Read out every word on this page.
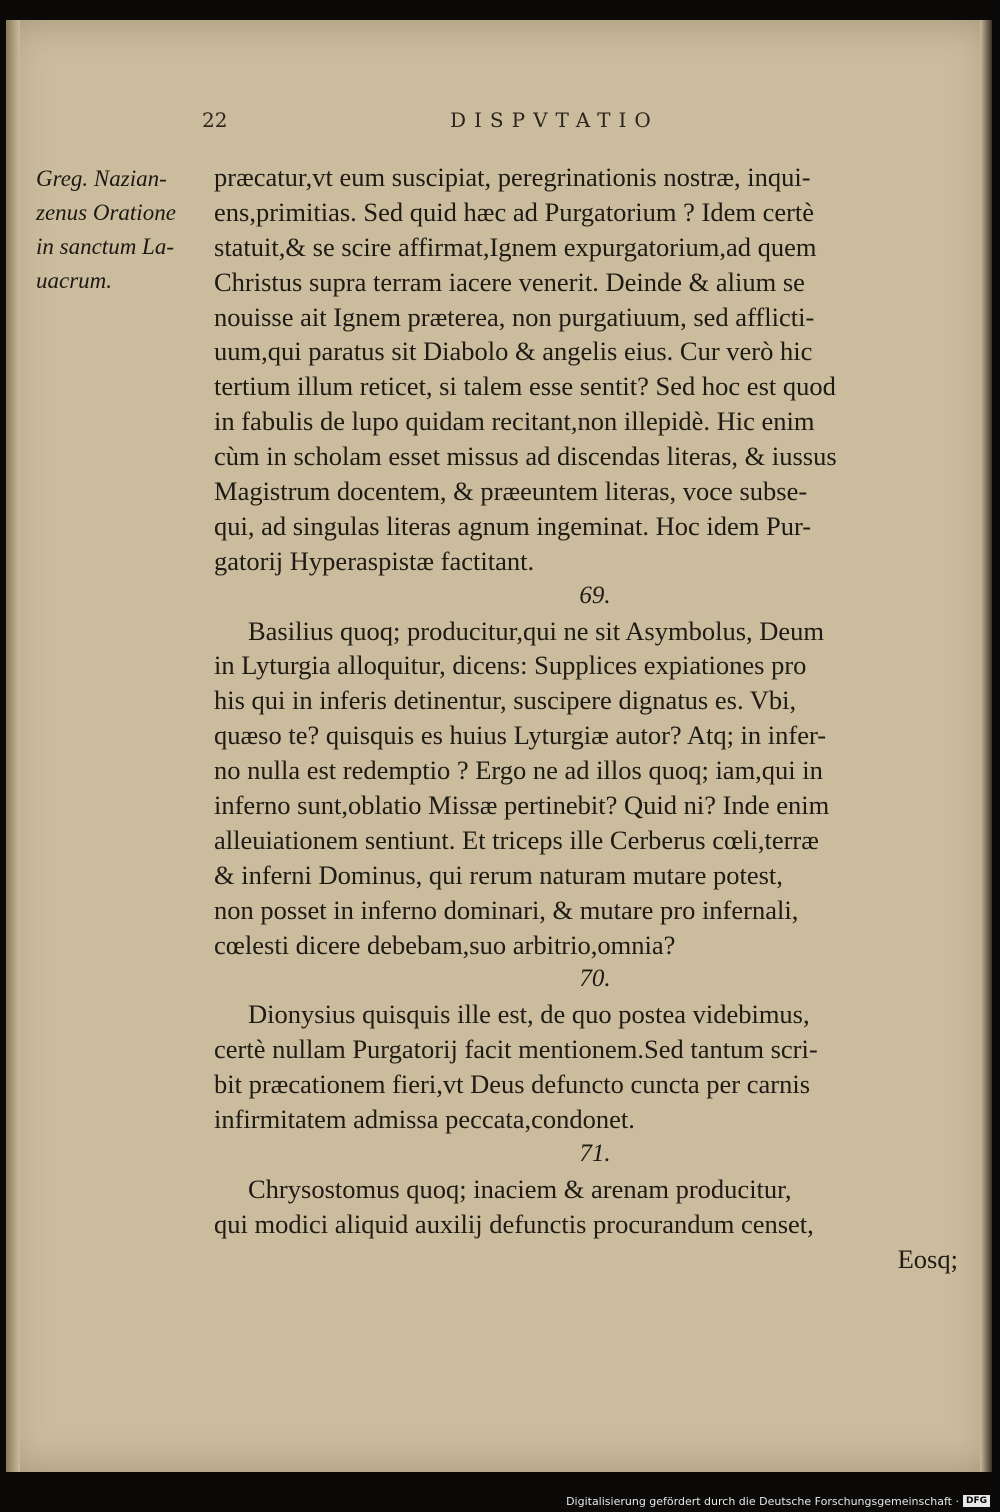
22	DISPVTATIO
Greg. Nazian-
zenus Oratione
in sanctum La-
uacrum.
præcatur,vt eum suscipiat, peregrinationis nostræ, inqui-
ens,primitias. Sed quid hæc ad Purgatorium ? Idem certè
statuit,& se scire affirmat,Ignem expurgatorium,ad quem
Christus supra terram iacere venerit. Deinde & alium se
nouisse ait Ignem præterea, non purgatiuum, sed afflicti-
uum,qui paratus sit Diabolo & angelis eius. Cur verò hic
tertium illum reticet, si talem esse sentit? Sed hoc est quod
in fabulis de lupo quidam recitant,non illepidè. Hic enim
cùm in scholam esset missus ad discendas literas, & iussus
Magistrum docentem, & præeuntem literas, voce subse-
qui, ad singulas literas agnum ingeminat. Hoc idem Pur-
gatorij Hyperaspistæ factitant.
69.
Basilius quoq; producitur,qui ne sit Asymbolus, Deum
in Lyturgia alloquitur, dicens: Supplices expiationes pro
his qui in inferis detinentur, suscipere dignatus es. Vbi,
quæso te? quisquis es huius Lyturgiæ autor? Atq; in infer-
no nulla est redemptio ? Ergo ne ad illos quoq; iam,qui in
inferno sunt,oblatio Missæ pertinebit? Quid ni? Inde enim
alleuiationem sentiunt. Et triceps ille Cerberus cœli,terræ
& inferni Dominus, qui rerum naturam mutare potest,
non posset in inferno dominari, & mutare pro infernali,
cœlesti dicere debebam,suo arbitrio,omnia?
70.
Dionysius quisquis ille est, de quo postea videbimus,
certè nullam Purgatorij facit mentionem.Sed tantum scri-
bit præcationem fieri,vt Deus defuncto cuncta per carnis
infirmitatem admissa peccata,condonet.
71.
Chrysostomus quoq; inaciem & arenam producitur,
qui modici aliquid auxilij defunctis procurandum censet,
Eosq;
Digitalisierung gefördert durch die Deutsche Forschungsgemeinschaft · DFG
